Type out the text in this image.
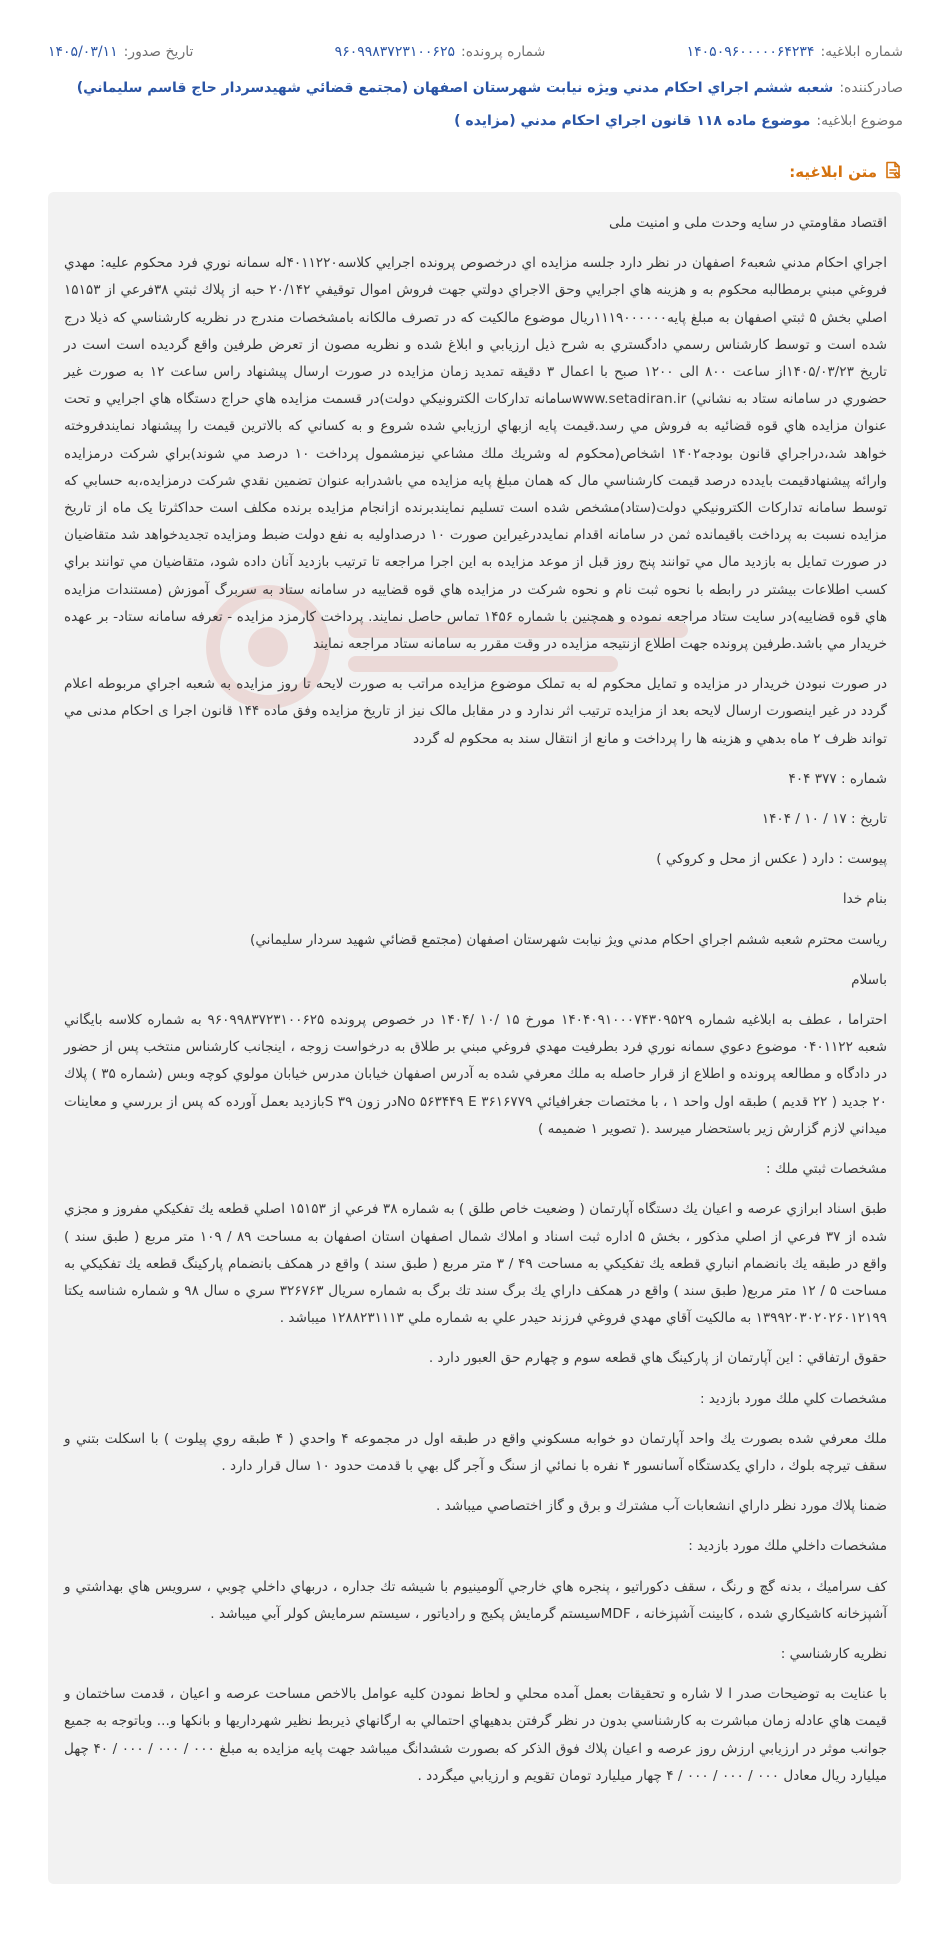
شماره ابلاغیه:
۱۴۰۵۰۹۶۰۰۰۰۰۶۴۲۳۴
شماره پرونده:
۹۶۰۹۹۸۳۷۲۳۱۰۰۶۲۵
تاریخ صدور:
۱۴۰۵/۰۳/۱۱
صادرکننده:
شعبه ششم اجراي احكام مدني ويژه نيابت شهرستان اصفهان (مجتمع قضائي شهيدسردار حاج قاسم سليماني)
موضوع ابلاغیه:
موضوع ماده ۱۱۸ قانون اجراي احكام مدني (مزايده )
متن ابلاغیه:

اقتصاد مقاومتي در سايه وحدت ملی و امنیت ملی

اجراي احكام مدني شعبه۶ اصفهان در نظر دارد جلسه مزايده اي درخصوص پرونده اجرايي كلاسه۴۰۱۱۲۲۰له سمانه نوري فرد محكوم عليه: مهدي فروغي مبني برمطالبه محكوم به و هزينه هاي اجرايي وحق الاجراي دولتي جهت فروش اموال توقيفي ۲۰/۱۴۲ حبه از پلاك ثبتي ۳۸فرعي از ۱۵۱۵۳ اصلي بخش ۵ ثبتي اصفهان به مبلغ پايه۱۱۱۹۰۰۰۰۰۰ريال موضوع مالكيت كه در تصرف مالكانه بامشخصات مندرج در نظريه كارشناسي كه ذيلا درج شده است و توسط كارشناس رسمي دادگستري به شرح ذيل ارزيابي و ابلاغ شده و نظريه مصون از تعرض طرفين واقع گرديده است است در تاريخ ۱۴۰۵/۰۳/۲۳از ساعت ۸۰۰ الی ۱۲۰۰ صبح با اعمال ۳ دقيقه تمديد زمان مزايده در صورت ارسال پيشنهاد راس ساعت ۱۲ به صورت غير حضوري در سامانه ستاد به نشاني) www.setadiran.irسامانه تداركات الكترونيكي دولت)در قسمت مزايده هاي حراج دستگاه هاي اجرايي و تحت عنوان مزايده هاي قوه قضائيه به فروش مي رسد.قيمت پايه ازبهاي ارزيابي شده شروع و به كساني كه بالاترين قيمت را پيشنهاد نمايندفروخته خواهد شد،دراجراي قانون بودجه۱۴۰۲ اشخاص(محكوم له وشريك ملك مشاعي نيزمشمول پرداخت ۱۰ درصد مي شوند)براي شركت درمزايده وارائه پيشنهادقيمت بايدده درصد قيمت كارشناسي مال كه همان مبلغ پايه مزايده مي باشدرابه عنوان تضمين نقدي شركت درمزايده،به حسابي كه توسط سامانه تداركات الكترونيكي دولت(ستاد)مشخص شده است تسليم نمايندبرنده ازانجام مزايده برنده مكلف است حداكثرتا يک ماه از تاريخ مزايده نسبت به پرداخت باقيمانده ثمن در سامانه اقدام نمايددرغيراين صورت ۱۰ درصداوليه به نفع دولت ضبط ومزايده تجديدخواهد شد متقاضيان در صورت تمايل به بازديد مال مي توانند پنج روز قبل از موعد مزايده به اين اجرا مراجعه تا ترتيب بازديد آنان داده شود، متقاضيان مي توانند براي كسب اطلاعات بيشتر در رابطه با نحوه ثبت نام و نحوه شركت در مزايده هاي قوه قضاييه در سامانه ستاد به سربرگ آموزش (مستندات مزايده هاي قوه قضاييه)در سايت ستاد مراجعه نموده و همچنين با شماره ۱۴۵۶ تماس حاصل نمايند. پرداخت كارمزد مزايده - تعرفه سامانه ستاد- بر عهده خريدار مي باشد.طرفين پرونده جهت اطلاع ازنتيجه مزايده در وقت مقرر به سامانه ستاد مراجعه نمايند

در صورت نبودن خريدار در مزايده و تمايل محكوم له به تملک موضوع مزايده مراتب به صورت لايحه تا روز مزايده به شعبه اجراي مربوطه اعلام گردد در غير اينصورت ارسال لايحه بعد از مزايده ترتيب اثر ندارد و در مقابل مالک نيز از تاريخ مزايده وفق ماده ۱۴۴ قانون اجرا ی احكام مدنی مي تواند ظرف ۲ ماه بدهي و هزينه ها را پرداخت و مانع از انتقال سند به محكوم له گردد

شماره : ۳۷۷ ۴۰۴

تاريخ : ۱۷ / ۱۰ / ۱۴۰۴

پيوست : دارد ( عكس از محل و كروكي )

بنام خدا

رياست محترم شعبه ششم اجراي احكام مدني ويژ نيابت شهرستان اصفهان (مجتمع قضائي شهيد سردار سليماني)

باسلام

احتراما ، عطف به ابلاغيه شماره ۱۴۰۴۰۹۱۰۰۰۷۴۳۰۹۵۲۹ مورخ ۱۵ /۱۰ /۱۴۰۴ در خصوص پرونده ۹۶۰۹۹۸۳۷۲۳۱۰۰۶۲۵ به شماره كلاسه بايگاني شعبه ۰۴۰۱۱۲۲ موضوع دعوي سمانه نوري فرد بطرفيت مهدي فروغي مبني بر طلاق به درخواست زوجه ، اينجانب كارشناس منتخب پس از حضور در دادگاه و مطالعه پرونده و اطلاع از قرار حاصله به ملك معرفي شده به آدرس اصفهان خيابان مدرس خيابان مولوي كوچه وبس (شماره ۳۵ ) پلاك ۲۰ جديد ( ۲۲ قديم ) طبقه اول واحد ۱ ، با مختصات جغرافيائي ۳۶۱۶۷۷۹ No ۵۶۳۴۴۹ Eدر زون ۳۹ Sبازديد بعمل آورده كه پس از بررسي و معاينات ميداني لازم گزارش زير باستحضار ميرسد .( تصوير ۱ ضميمه )

مشخصات ثبتي ملك :

طبق اسناد ابرازي عرصه و اعيان يك دستگاه آپارتمان ( وضعيت خاص طلق ) به شماره ۳۸ فرعي از ۱۵۱۵۳ اصلي قطعه يك تفكيكي مفروز و مجزي شده از ۳۷ فرعي از اصلي مذكور ، بخش ۵ اداره ثبت اسناد و املاك شمال اصفهان استان اصفهان به مساحت ۸۹ / ۱۰۹ متر مربع ( طبق سند ) واقع در طبقه يك بانضمام انباري قطعه يك تفكيكي به مساحت ۴۹ / ۳ متر مربع ( طبق سند ) واقع در همكف بانضمام پاركينگ قطعه يك تفكيكي به مساحت ۵ / ۱۲ متر مربع( طبق سند ) واقع در همكف داراي يك برگ سند تك برگ به شماره سريال ۳۲۶۷۶۳ سري ه سال ۹۸ و شماره شناسه يكتا ۱۳۹۹۲۰۳۰۲۰۲۶۰۱۲۱۹۹ به مالكيت آقاي مهدي فروغي فرزند حيدر علي به شماره ملي ۱۲۸۸۲۳۱۱۱۳ ميباشد .

حقوق ارتفاقي : اين آپارتمان از پاركينگ هاي قطعه سوم و چهارم حق العبور دارد .

مشخصات كلي ملك مورد بازديد :

ملك معرفي شده بصورت يك واحد آپارتمان دو خوابه مسكوني واقع در طبقه اول در مجموعه ۴ واحدي ( ۴ طبقه روي پيلوت ) با اسكلت بتني و سقف تيرچه بلوك ، داراي يكدستگاه آسانسور ۴ نفره با نمائي از سنگ و آجر گل بهي با قدمت حدود ۱۰ سال قرار دارد .

ضمنا پلاك مورد نظر داراي انشعابات آب مشترك و برق و گاز اختصاصي ميباشد .

مشخصات داخلي ملك مورد بازديد :

كف سراميك ، بدنه گچ و رنگ ، سقف دكوراتيو ، پنجره هاي خارجي آلومينيوم با شيشه تك جداره ، دربهاي داخلي چوبي ، سرويس هاي بهداشتي و آشپزخانه كاشيكاري شده ، كابينت آشپزخانه ، MDFسيستم گرمايش پكيج و رادياتور ، سيستم سرمايش كولر آبي ميباشد .

نظريه كارشناسي :

با عنايت به توضيحات صدر ا لا شاره و تحقيقات بعمل آمده محلي و لحاظ نمودن كليه عوامل بالاخص مساحت عرصه و اعيان ، قدمت ساختمان و قيمت هاي عادله زمان مباشرت به كارشناسي بدون در نظر گرفتن بدهيهاي احتمالي به ارگانهاي ذيربط نظير شهرداريها و بانكها و... وباتوجه به جميع جوانب موثر در ارزيابي ارزش روز عرصه و اعيان پلاك فوق الذكر كه بصورت ششدانگ ميباشد جهت پايه مزايده به مبلغ ۰۰۰ / ۰۰۰ / ۰۰۰ / ۴۰ چهل ميليارد ريال معادل ۰۰۰ / ۰۰۰ / ۰۰۰ / ۴ چهار ميليارد تومان تقويم و ارزيابي ميگردد .
